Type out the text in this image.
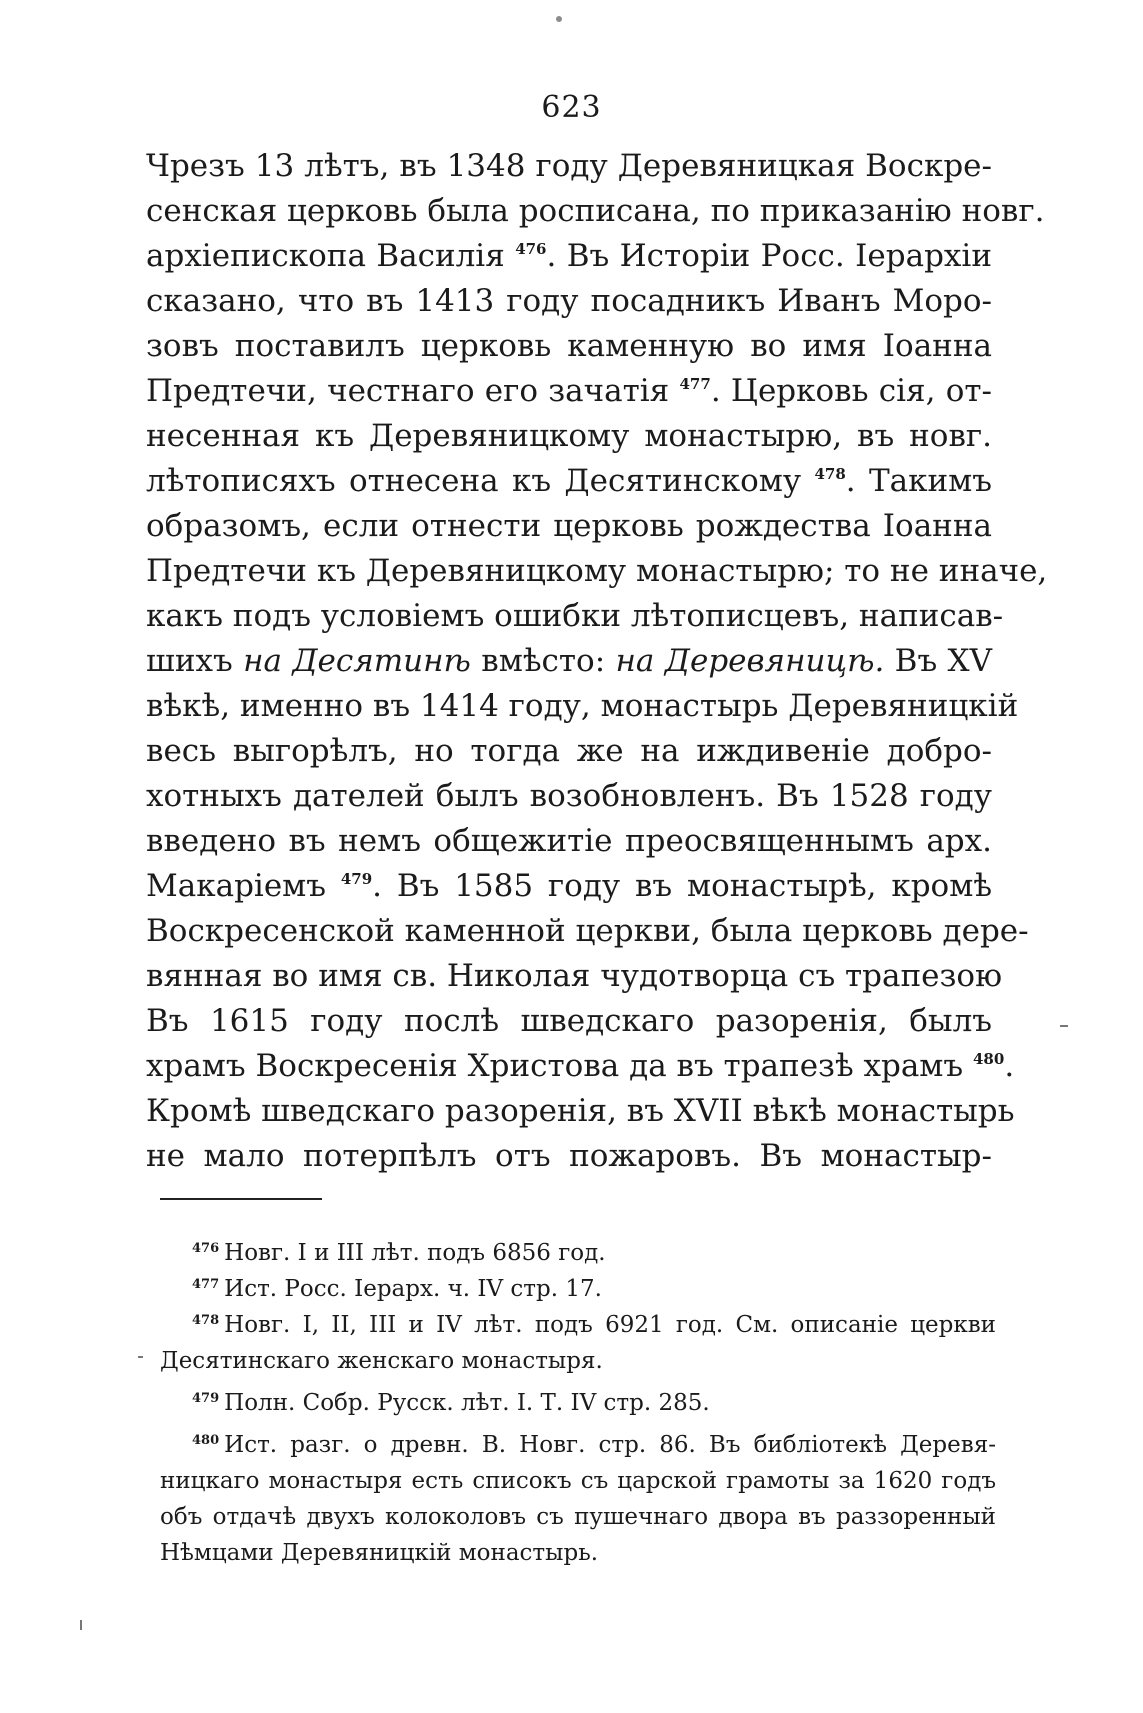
623
Чрезъ 13 лѣтъ, въ 1348 году Деревяницкая Воскре-
сенская церковь была росписана, по приказанію новг.
архіепископа Василія $^{476}$. Въ Исторіи Росс. Іерархіи
сказано, что въ 1413 году посадникъ Иванъ Моро-
зовъ поставилъ церковь каменную во имя Іоанна
Предтечи, честнаго его зачатія $^{477}$. Церковь сія, от-
несенная къ Деревяницкому монастырю, въ новг.
лѣтописяхъ отнесена къ Десятинскому $^{478}$. Такимъ
образомъ, если отнести церковь рождества Іоанна
Предтечи къ Деревяницкому монастырю; то не иначе,
какъ подъ условіемъ ошибки лѣтописцевъ, написав-
шихъ на Десятинѣ вмѣсто: на Деревяницѣ. Въ XV
вѣкѣ, именно въ 1414 году, монастырь Деревяницкій
весь выгорѣлъ, но тогда же на иждивеніе добро-
хотныхъ дателей былъ возобновленъ. Въ 1528 году
введено въ немъ общежитіе преосвященнымъ арх.
Макаріемъ $^{479}$. Въ 1585 году въ монастырѣ, кромѣ
Воскресенской каменной церкви, была церковь дере-
вянная во имя св. Николая чудотворца съ трапезою
Въ 1615 году послѣ шведскаго разоренія, былъ
храмъ Воскресенія Христова да въ трапезѣ храмъ $^{480}$.
Кромѣ шведскаго разоренія, въ XVII вѣкѣ монастырь
не мало потерпѣлъ отъ пожаровъ. Въ монастыр-
$^{476}$ Новг. I и III лѣт. подъ 6856 год.
$^{477}$ Ист. Росс. Іерарх. ч. IV стр. 17.
$^{478}$ Новг. I, II, III и IV лѣт. подъ 6921 год. См. описаніе церкви
Десятинскаго женскаго монастыря.
$^{479}$ Полн. Собр. Русск. лѣт. I. Т. IV стр. 285.
$^{480}$ Ист. разг. о древн. В. Новг. стр. 86. Въ библіотекѣ Деревя-
ницкаго монастыря есть списокъ съ царской грамоты за 1620 годъ
объ отдачѣ двухъ колоколовъ съ пушечнаго двора въ раззоренный
Нѣмцами Деревяницкій монастырь.
